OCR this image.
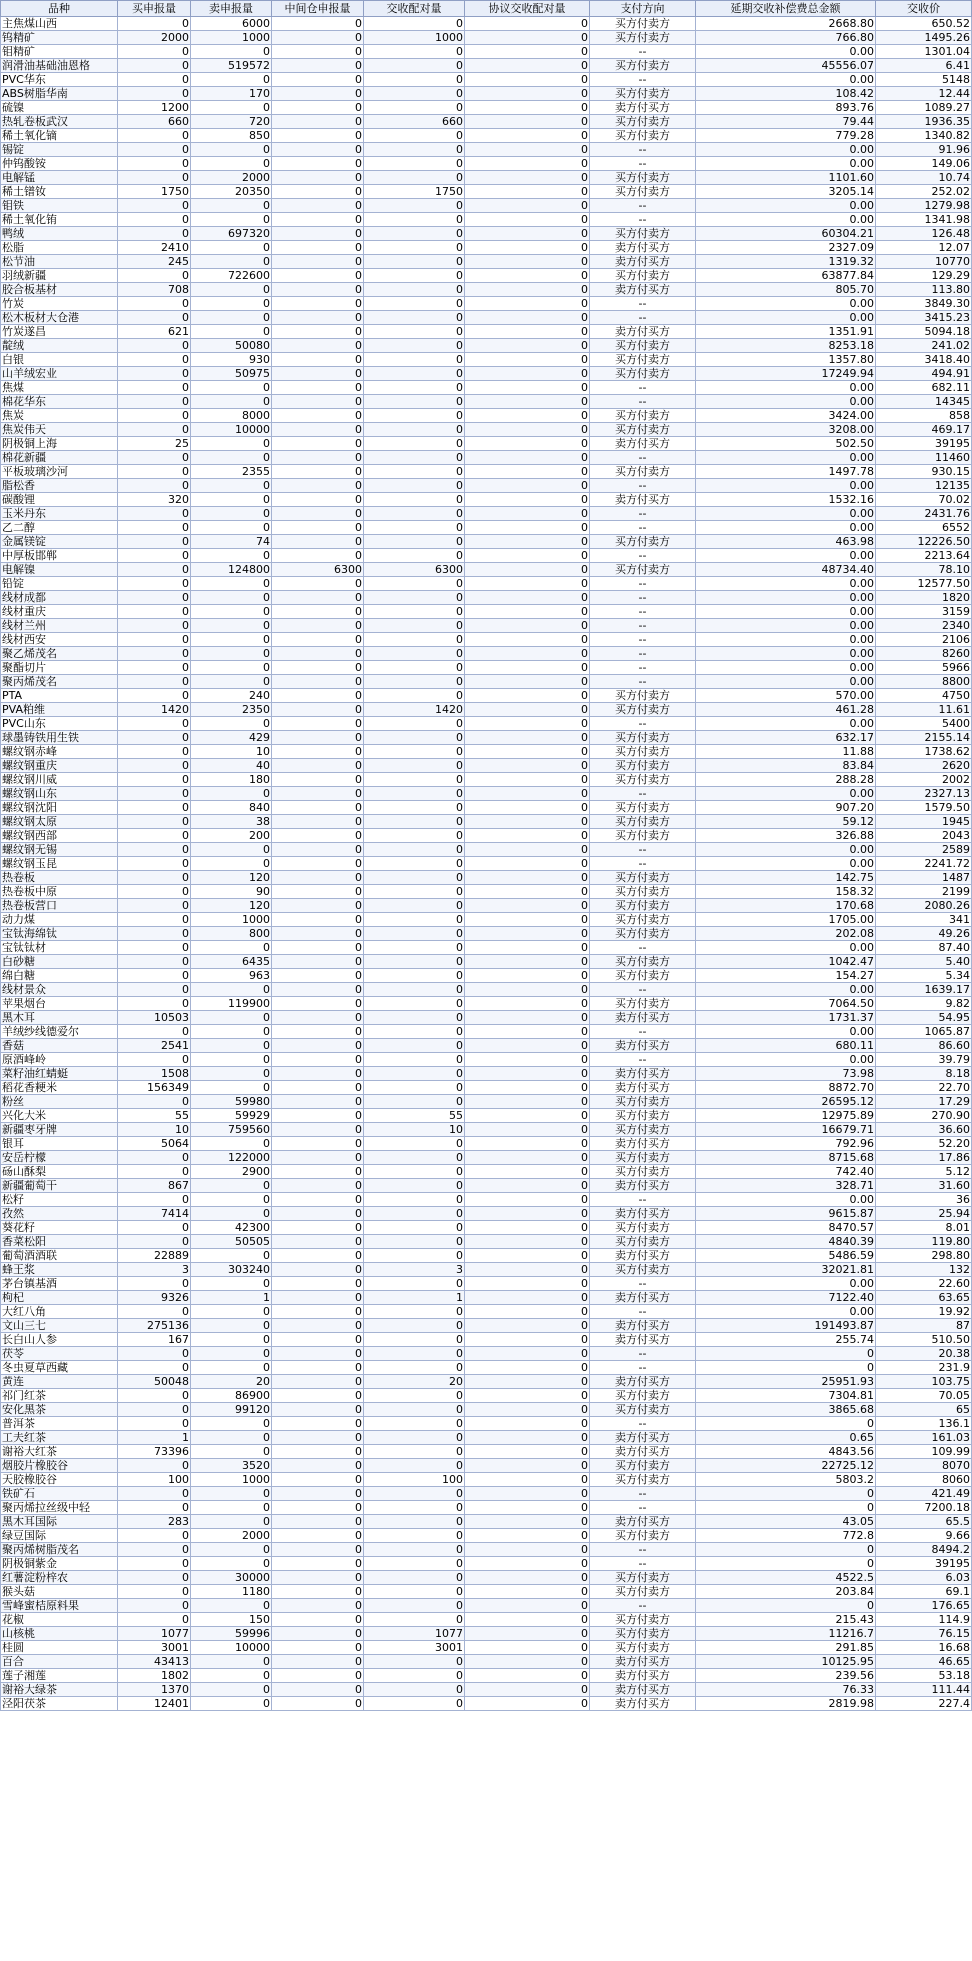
品种	买申报量	卖申报量	中间仓申报量	交收配对量	协议交收配对量	支付方向	延期交收补偿费总金额	交收价
主焦煤山西	0	6000	0	0	0	买方付卖方	2668.80	650.52
钨精矿	2000	1000	0	1000	0	买方付卖方	766.80	1495.26
钼精矿	0	0	0	0	0	--	0.00	1301.04
润滑油基础油恩格	0	519572	0	0	0	买方付卖方	45556.07	6.41
PVC华东	0	0	0	0	0	--	0.00	5148
ABS树脂华南	0	170	0	0	0	买方付卖方	108.42	12.44
硫镍	1200	0	0	0	0	卖方付买方	893.76	1089.27
热轧卷板武汉	660	720	0	660	0	买方付卖方	79.44	1936.35
稀土氧化镝	0	850	0	0	0	买方付卖方	779.28	1340.82
锡锭	0	0	0	0	0	--	0.00	91.96
仲钨酸铵	0	0	0	0	0	--	0.00	149.06
电解锰	0	2000	0	0	0	买方付卖方	1101.60	10.74
稀土镨钕	1750	20350	0	1750	0	买方付卖方	3205.14	252.02
钼铁	0	0	0	0	0	--	0.00	1279.98
稀土氧化铕	0	0	0	0	0	--	0.00	1341.98
鸭绒	0	697320	0	0	0	买方付卖方	60304.21	126.48
松脂	2410	0	0	0	0	卖方付买方	2327.09	12.07
松节油	245	0	0	0	0	卖方付买方	1319.32	10770
羽绒新疆	0	722600	0	0	0	买方付卖方	63877.84	129.29
胶合板基材	708	0	0	0	0	卖方付买方	805.70	113.80
竹炭	0	0	0	0	0	--	0.00	3849.30
松木板材大仓港	0	0	0	0	0	--	0.00	3415.23
竹炭遂昌	621	0	0	0	0	卖方付买方	1351.91	5094.18
靛绒	0	50080	0	0	0	买方付卖方	8253.18	241.02
白银	0	930	0	0	0	买方付卖方	1357.80	3418.40
山羊绒宏业	0	50975	0	0	0	买方付卖方	17249.94	494.91
焦煤	0	0	0	0	0	--	0.00	682.11
棉花华东	0	0	0	0	0	--	0.00	14345
焦炭	0	8000	0	0	0	买方付卖方	3424.00	858
焦炭伟天	0	10000	0	0	0	买方付卖方	3208.00	469.17
阴极铜上海	25	0	0	0	0	卖方付买方	502.50	39195
棉花新疆	0	0	0	0	0	--	0.00	11460
平板玻璃沙河	0	2355	0	0	0	买方付卖方	1497.78	930.15
脂松香	0	0	0	0	0	--	0.00	12135
碳酸锂	320	0	0	0	0	卖方付买方	1532.16	70.02
玉米丹东	0	0	0	0	0	--	0.00	2431.76
乙二醇	0	0	0	0	0	--	0.00	6552
金属镁锭	0	74	0	0	0	买方付卖方	463.98	12226.50
中厚板邯郸	0	0	0	0	0	--	0.00	2213.64
电解镍	0	124800	6300	6300	0	买方付卖方	48734.40	78.10
铅锭	0	0	0	0	0	--	0.00	12577.50
线材成都	0	0	0	0	0	--	0.00	1820
线材重庆	0	0	0	0	0	--	0.00	3159
线材兰州	0	0	0	0	0	--	0.00	2340
线材西安	0	0	0	0	0	--	0.00	2106
聚乙烯茂名	0	0	0	0	0	--	0.00	8260
聚酯切片	0	0	0	0	0	--	0.00	5966
聚丙烯茂名	0	0	0	0	0	--	0.00	8800
PTA	0	240	0	0	0	买方付卖方	570.00	4750
PVA粕维	1420	2350	0	1420	0	买方付卖方	461.28	11.61
PVC山东	0	0	0	0	0	--	0.00	5400
球墨铸铁用生铁	0	429	0	0	0	买方付卖方	632.17	2155.14
螺纹钢赤峰	0	10	0	0	0	买方付卖方	11.88	1738.62
螺纹钢重庆	0	40	0	0	0	买方付卖方	83.84	2620
螺纹钢川威	0	180	0	0	0	买方付卖方	288.28	2002
螺纹钢山东	0	0	0	0	0	--	0.00	2327.13
螺纹钢沈阳	0	840	0	0	0	买方付卖方	907.20	1579.50
螺纹钢太原	0	38	0	0	0	买方付卖方	59.12	1945
螺纹钢西部	0	200	0	0	0	买方付卖方	326.88	2043
螺纹钢无锡	0	0	0	0	0	--	0.00	2589
螺纹钢玉昆	0	0	0	0	0	--	0.00	2241.72
热卷板	0	120	0	0	0	买方付卖方	142.75	1487
热卷板中原	0	90	0	0	0	买方付卖方	158.32	2199
热卷板营口	0	120	0	0	0	买方付卖方	170.68	2080.26
动力煤	0	1000	0	0	0	买方付卖方	1705.00	341
宝钛海绵钛	0	800	0	0	0	买方付卖方	202.08	49.26
宝钛钛材	0	0	0	0	0	--	0.00	87.40
白砂糖	0	6435	0	0	0	买方付卖方	1042.47	5.40
绵白糖	0	963	0	0	0	买方付卖方	154.27	5.34
线材景众	0	0	0	0	0	--	0.00	1639.17
苹果烟台	0	119900	0	0	0	买方付卖方	7064.50	9.82
黑木耳	10503	0	0	0	0	卖方付买方	1731.37	54.95
羊绒纱线德爱尔	0	0	0	0	0	--	0.00	1065.87
香菇	2541	0	0	0	0	卖方付买方	680.11	86.60
原酒峰岭	0	0	0	0	0	--	0.00	39.79
菜籽油红蜻蜓	1508	0	0	0	0	卖方付买方	73.98	8.18
稻花香粳米	156349	0	0	0	0	卖方付买方	8872.70	22.70
粉丝	0	59980	0	0	0	买方付卖方	26595.12	17.29
兴化大米	55	59929	0	55	0	买方付卖方	12975.89	270.90
新疆枣牙牌	10	759560	0	10	0	买方付卖方	16679.71	36.60
银耳	5064	0	0	0	0	卖方付买方	792.96	52.20
安岳柠檬	0	122000	0	0	0	买方付卖方	8715.68	17.86
砀山酥梨	0	2900	0	0	0	买方付卖方	742.40	5.12
新疆葡萄干	867	0	0	0	0	卖方付买方	328.71	31.60
松籽	0	0	0	0	0	--	0.00	36
孜然	7414	0	0	0	0	卖方付买方	9615.87	25.94
葵花籽	0	42300	0	0	0	买方付卖方	8470.57	8.01
香菜松阳	0	50505	0	0	0	买方付卖方	4840.39	119.80
葡萄酒酒联	22889	0	0	0	0	卖方付买方	5486.59	298.80
蜂王浆	3	303240	0	3	0	买方付卖方	32021.81	132
茅台镇基酒	0	0	0	0	0	--	0.00	22.60
枸杞	9326	1	0	1	0	卖方付买方	7122.40	63.65
大红八角	0	0	0	0	0	--	0.00	19.92
文山三七	275136	0	0	0	0	卖方付买方	191493.87	87
长白山人参	167	0	0	0	0	卖方付买方	255.74	510.50
茯苓	0	0	0	0	0	--	0	20.38
冬虫夏草西藏	0	0	0	0	0	--	0	231.9
黄连	50048	20	0	20	0	卖方付买方	25951.93	103.75
祁门红茶	0	86900	0	0	0	买方付卖方	7304.81	70.05
安化黑茶	0	99120	0	0	0	买方付卖方	3865.68	65
普洱茶	0	0	0	0	0	--	0	136.1
工夫红茶	1	0	0	0	0	卖方付买方	0.65	161.03
谢裕大红茶	73396	0	0	0	0	卖方付买方	4843.56	109.99
烟胶片橡胶谷	0	3520	0	0	0	买方付卖方	22725.12	8070
天胶橡胶谷	100	1000	0	100	0	买方付卖方	5803.2	8060
铁矿石	0	0	0	0	0	--	0	421.49
聚丙烯拉丝级中轻	0	0	0	0	0	--	0	7200.18
黑木耳国际	283	0	0	0	0	卖方付买方	43.05	65.5
绿豆国际	0	2000	0	0	0	买方付卖方	772.8	9.66
聚丙烯树脂茂名	0	0	0	0	0	--	0	8494.2
阴极铜紫金	0	0	0	0	0	--	0	39195
红薯淀粉梓农	0	30000	0	0	0	买方付卖方	4522.5	6.03
猴头菇	0	1180	0	0	0	买方付卖方	203.84	69.1
雪峰蜜桔原料果	0	0	0	0	0	--	0	176.65
花椒	0	150	0	0	0	买方付卖方	215.43	114.9
山核桃	1077	59996	0	1077	0	买方付卖方	11216.7	76.15
桂圆	3001	10000	0	3001	0	买方付卖方	291.85	16.68
百合	43413	0	0	0	0	卖方付买方	10125.95	46.65
莲子湘莲	1802	0	0	0	0	卖方付买方	239.56	53.18
谢裕大绿茶	1370	0	0	0	0	卖方付买方	76.33	111.44
泾阳茯茶	12401	0	0	0	0	卖方付买方	2819.98	227.4
